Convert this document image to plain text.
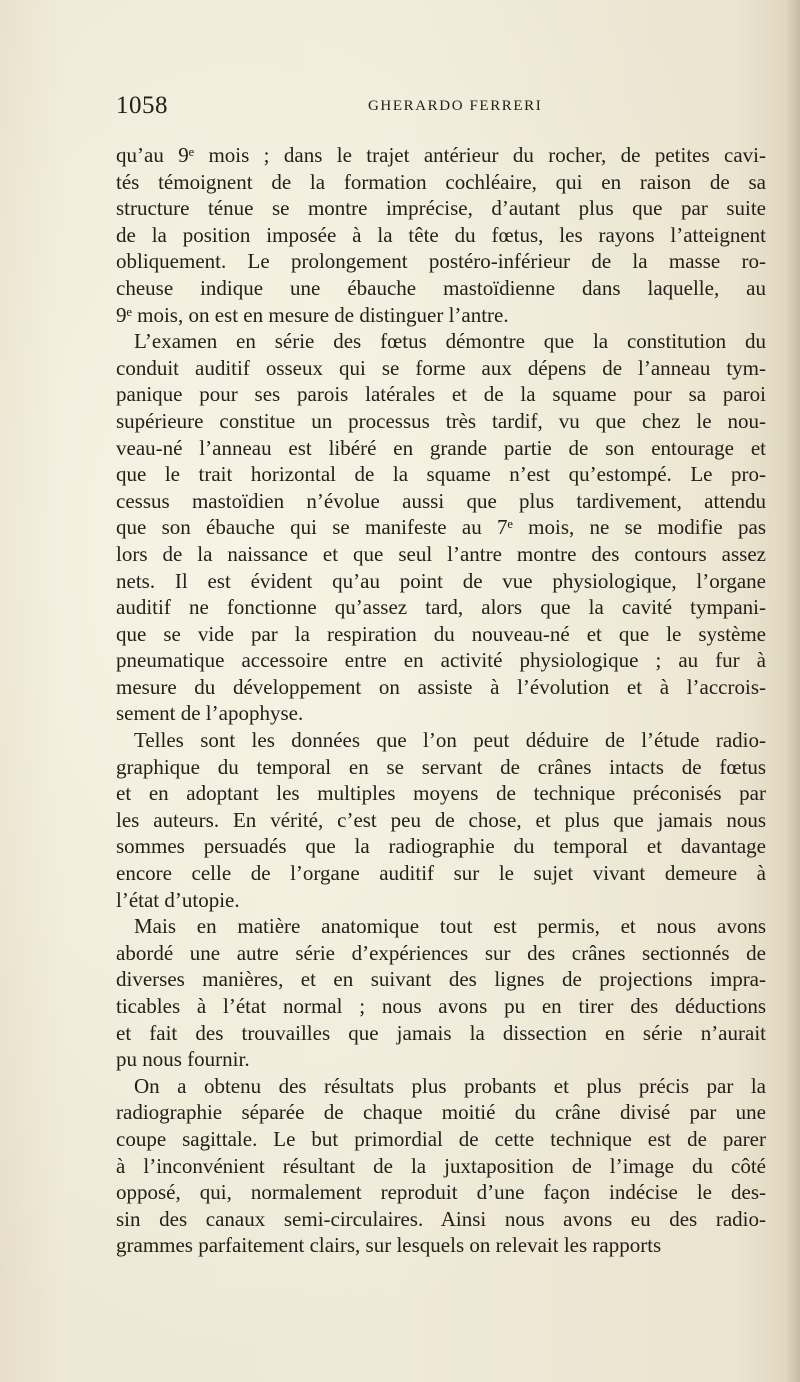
1058	GHERARDO FERRERI
qu’au 9ᵉ mois ; dans le trajet antérieur du rocher, de petites cavi-
tés témoignent de la formation cochléaire, qui en raison de sa
structure ténue se montre imprécise, d’autant plus que par suite
de la position imposée à la tête du fœtus, les rayons l’atteignent
obliquement. Le prolongement postéro-inférieur de la masse ro-
cheuse indique une ébauche mastoïdienne dans laquelle, au
9ᵉ mois, on est en mesure de distinguer l’antre.
L’examen en série des fœtus démontre que la constitution du
conduit auditif osseux qui se forme aux dépens de l’anneau tym-
panique pour ses parois latérales et de la squame pour sa paroi
supérieure constitue un processus très tardif, vu que chez le nou-
veau-né l’anneau est libéré en grande partie de son entourage et
que le trait horizontal de la squame n’est qu’estompé. Le pro-
cessus mastoïdien n’évolue aussi que plus tardivement, attendu
que son ébauche qui se manifeste au 7ᵉ mois, ne se modifie pas
lors de la naissance et que seul l’antre montre des contours assez
nets. Il est évident qu’au point de vue physiologique, l’organe
auditif ne fonctionne qu’assez tard, alors que la cavité tympani-
que se vide par la respiration du nouveau-né et que le système
pneumatique accessoire entre en activité physiologique ; au fur à
mesure du développement on assiste à l’évolution et à l’accrois-
sement de l’apophyse.
Telles sont les données que l’on peut déduire de l’étude radio-
graphique du temporal en se servant de crânes intacts de fœtus
et en adoptant les multiples moyens de technique préconisés par
les auteurs. En vérité, c’est peu de chose, et plus que jamais nous
sommes persuadés que la radiographie du temporal et davantage
encore celle de l’organe auditif sur le sujet vivant demeure à
l’état d’utopie.
Mais en matière anatomique tout est permis, et nous avons
abordé une autre série d’expériences sur des crânes sectionnés de
diverses manières, et en suivant des lignes de projections impra-
ticables à l’état normal ; nous avons pu en tirer des déductions
et fait des trouvailles que jamais la dissection en série n’aurait
pu nous fournir.
On a obtenu des résultats plus probants et plus précis par la
radiographie séparée de chaque moitié du crâne divisé par une
coupe sagittale. Le but primordial de cette technique est de parer
à l’inconvénient résultant de la juxtaposition de l’image du côté
opposé, qui, normalement reproduit d’une façon indécise le des-
sin des canaux semi-circulaires. Ainsi nous avons eu des radio-
grammes parfaitement clairs, sur lesquels on relevait les rapports
